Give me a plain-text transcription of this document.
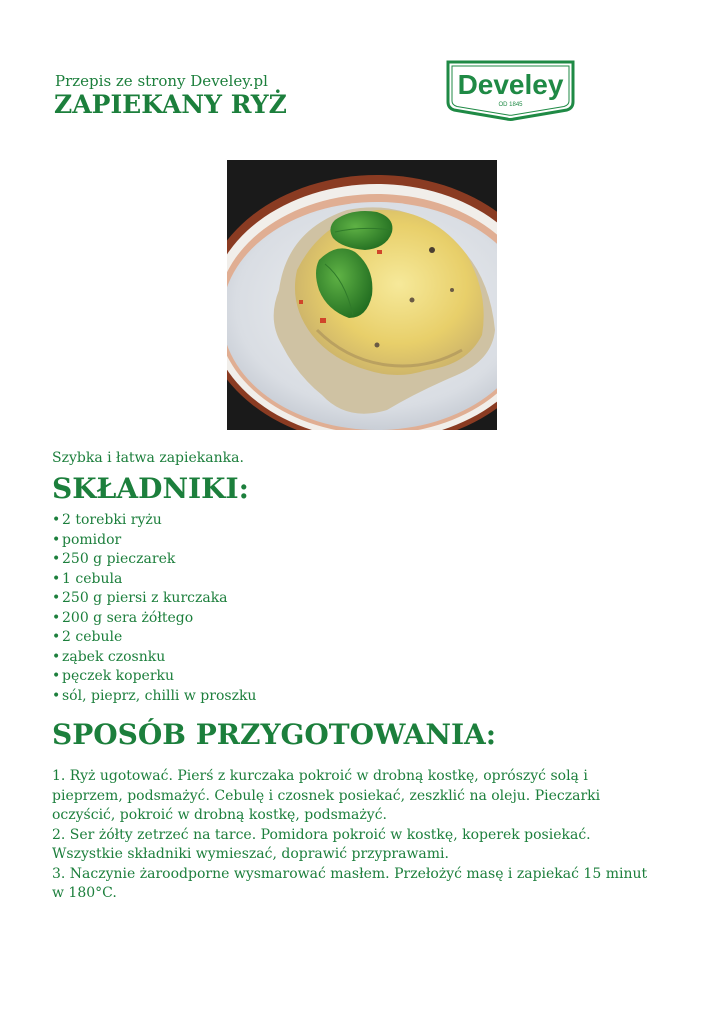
Przepis ze strony Develey.pl
ZAPIEKANY RYŻ
Develey
OD 1845
Szybka i łatwa zapiekanka.
SKŁADNIKI:
• 2 torebki ryżu
• pomidor
• 250 g pieczarek
• 1 cebula
• 250 g piersi z kurczaka
• 200 g sera żółtego
• 2 cebule
• ząbek czosnku
• pęczek koperku
• sól, pieprz, chilli w proszku
SPOSÓB PRZYGOTOWANIA:

1. Ryż ugotować. Pierś z kurczaka pokroić w drobną kostkę, oprószyć solą i pieprzem, podsmażyć. Cebulę i czosnek posiekać, zeszklić na oleju. Pieczarki oczyścić, pokroić w drobną kostkę, podsmażyć.

2. Ser żółty zetrzeć na tarce. Pomidora pokroić w kostkę, koperek posiekać. Wszystkie składniki wymieszać, doprawić przyprawami.

3. Naczynie żaroodporne wysmarować masłem. Przełożyć masę i zapiekać 15 minut w 180°C.
